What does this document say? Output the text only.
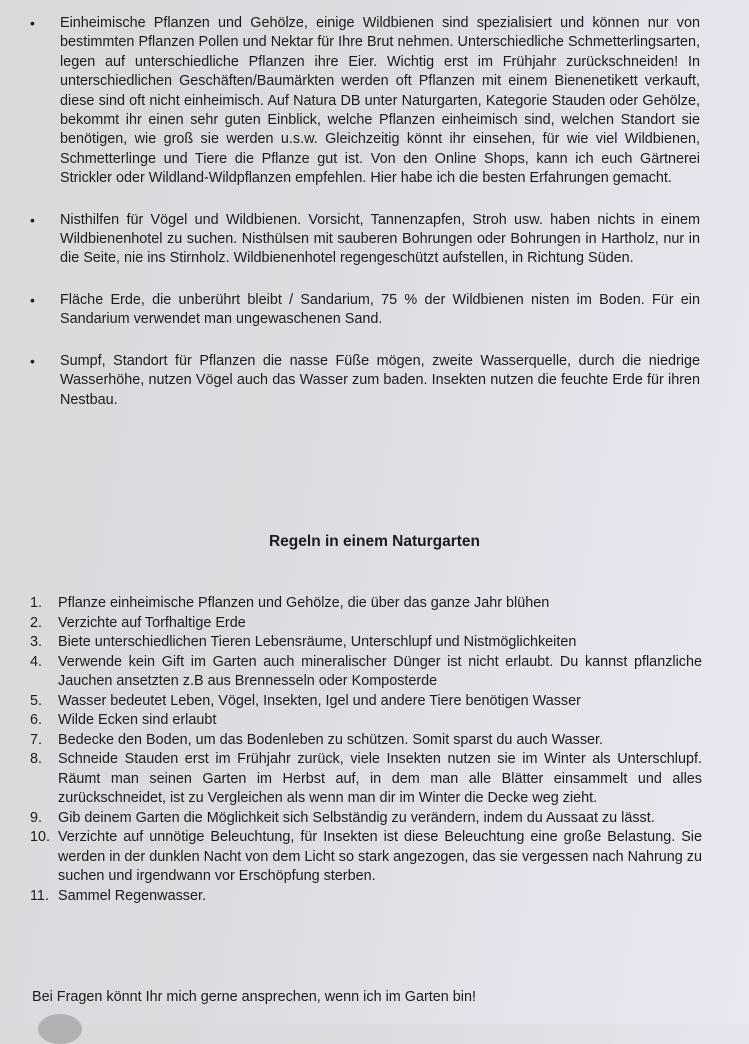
• Einheimische Pflanzen und Gehölze, einige Wildbienen sind spezialisiert und können nur von bestimmten Pflanzen Pollen und Nektar für Ihre Brut nehmen. Unterschiedliche Schmetterlingsarten, legen auf unterschiedliche Pflanzen ihre Eier. Wichtig erst im Frühjahr zurückschneiden! In unterschiedlichen Geschäften/Baumärkten werden oft Pflanzen mit einem Bienenetikett verkauft, diese sind oft nicht einheimisch. Auf Natura DB unter Naturgarten, Kategorie Stauden oder Gehölze, bekommt ihr einen sehr guten Einblick, welche Pflanzen einheimisch sind, welchen Standort sie benötigen, wie groß sie werden u.s.w. Gleichzeitig könnt ihr einsehen, für wie viel Wildbienen, Schmetterlinge und Tiere die Pflanze gut ist. Von den Online Shops, kann ich euch Gärtnerei Strickler oder Wildland-Wildpflanzen empfehlen. Hier habe ich die besten Erfahrungen gemacht.
• Nisthilfen für Vögel und Wildbienen. Vorsicht, Tannenzapfen, Stroh usw. haben nichts in einem Wildbienenhotel zu suchen. Nisthülsen mit sauberen Bohrungen oder Bohrungen in Hartholz, nur in die Seite, nie ins Stirnholz. Wildbienenhotel regengeschützt aufstellen, in Richtung Süden.
• Fläche Erde, die unberührt bleibt / Sandarium, 75 % der Wildbienen nisten im Boden. Für ein Sandarium verwendet man ungewaschenen Sand.
• Sumpf, Standort für Pflanzen die nasse Füße mögen, zweite Wasserquelle, durch die niedrige Wasserhöhe, nutzen Vögel auch das Wasser zum baden. Insekten nutzen die feuchte Erde für ihren Nestbau.
Regeln in einem Naturgarten
1. Pflanze einheimische Pflanzen und Gehölze, die über das ganze Jahr blühen
2. Verzichte auf Torfhaltige Erde
3. Biete unterschiedlichen Tieren Lebensräume, Unterschlupf und Nistmöglichkeiten
4. Verwende kein Gift im Garten auch mineralischer Dünger ist nicht erlaubt. Du kannst pflanzliche Jauchen ansetzten z.B aus Brennesseln oder Komposterde
5. Wasser bedeutet Leben, Vögel, Insekten, Igel und andere Tiere benötigen Wasser
6. Wilde Ecken sind erlaubt
7. Bedecke den Boden, um das Bodenleben zu schützen. Somit sparst du auch Wasser.
8. Schneide Stauden erst im Frühjahr zurück, viele Insekten nutzen sie im Winter als Unterschlupf. Räumt man seinen Garten im Herbst auf, in dem man alle Blätter einsammelt und alles zurückschneidet, ist zu Vergleichen als wenn man dir im Winter die Decke weg zieht.
9. Gib deinem Garten die Möglichkeit sich Selbständig zu verändern, indem du Aussaat zu lässt.
10. Verzichte auf unnötige Beleuchtung, für Insekten ist diese Beleuchtung eine große Belastung. Sie werden in der dunklen Nacht von dem Licht so stark angezogen, das sie vergessen nach Nahrung zu suchen und irgendwann vor Erschöpfung sterben.
11. Sammel Regenwasser.
Bei Fragen könnt Ihr mich gerne ansprechen, wenn ich im Garten bin!
